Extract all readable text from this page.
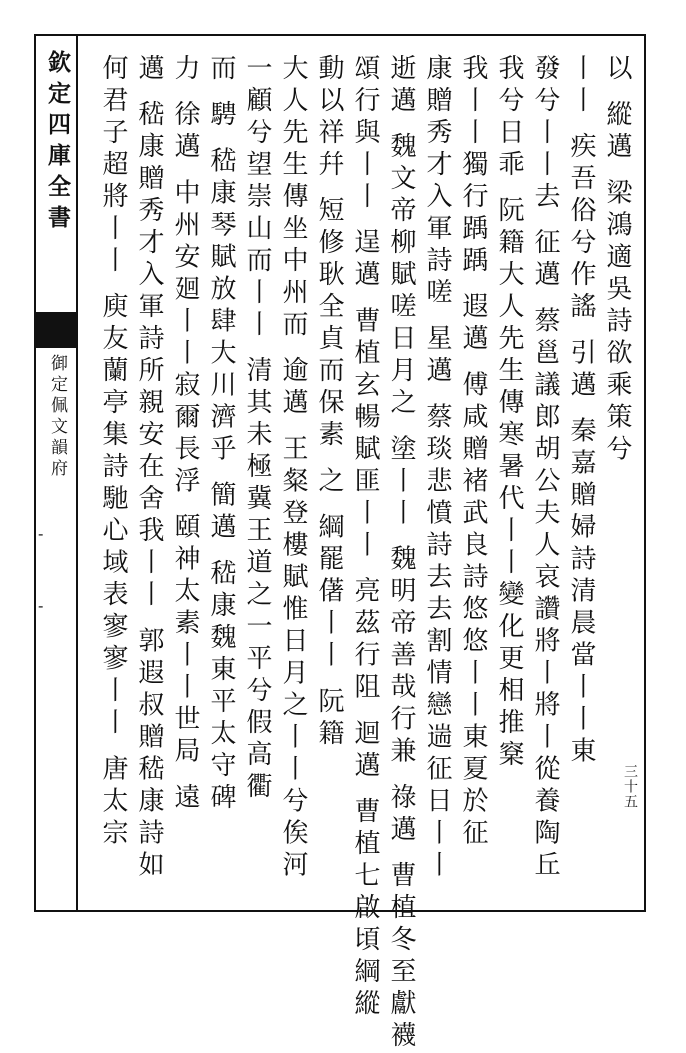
欽定四庫全書
御定佩文韻府
-
-
三十五
以 縱邁 梁鴻適吳詩欲乘策兮
丨丨 疾吾俗兮作謠 引邁 秦嘉贈婦詩清晨當丨丨東
發兮丨丨去 征邁 蔡邕議郎胡公夫人哀讚將丨將丨從養陶丘
我兮日乖 阮籍大人先生傳寒暑代丨丨變化更相推㮤
我丨丨獨行踽踽 遐邁 傅咸贈褚武良詩悠悠丨丨東夏於征
康贈秀才入軍詩嗟 星邁 蔡琰悲憤詩去去割情戀遄征日丨丨
逝邁 魏文帝柳賦嗟日月之 塗丨丨 魏明帝善哉行兼 祿邁 曹植冬至獻襪
頌行與丨丨 逞邁 曹植玄暢賦匪丨丨 亮茲行阻 迴邁 曹植七啟頃綱縱
動以祥幷 短修耿全貞而保素 之 綱罷㒂丨丨 阮籍
大人先生傳坐中州而 逾邁 王粲登樓賦惟日月之丨丨兮俟河
一顧兮望崇山而丨丨 清其未極冀王道之一平兮假高衢
而 騁 嵇康琴賦放肆大川濟乎 簡邁 嵇康魏東平太守碑
力 徐邁 中州安廻丨丨寂爾長浮 頤神太素丨丨世局 遠
邁 嵇康贈秀才入軍詩所親安在舍我丨丨 郭遐叔贈嵇康詩如
何君子超將丨丨 庾友蘭亭集詩馳心域表寥寥丨丨 唐太宗
